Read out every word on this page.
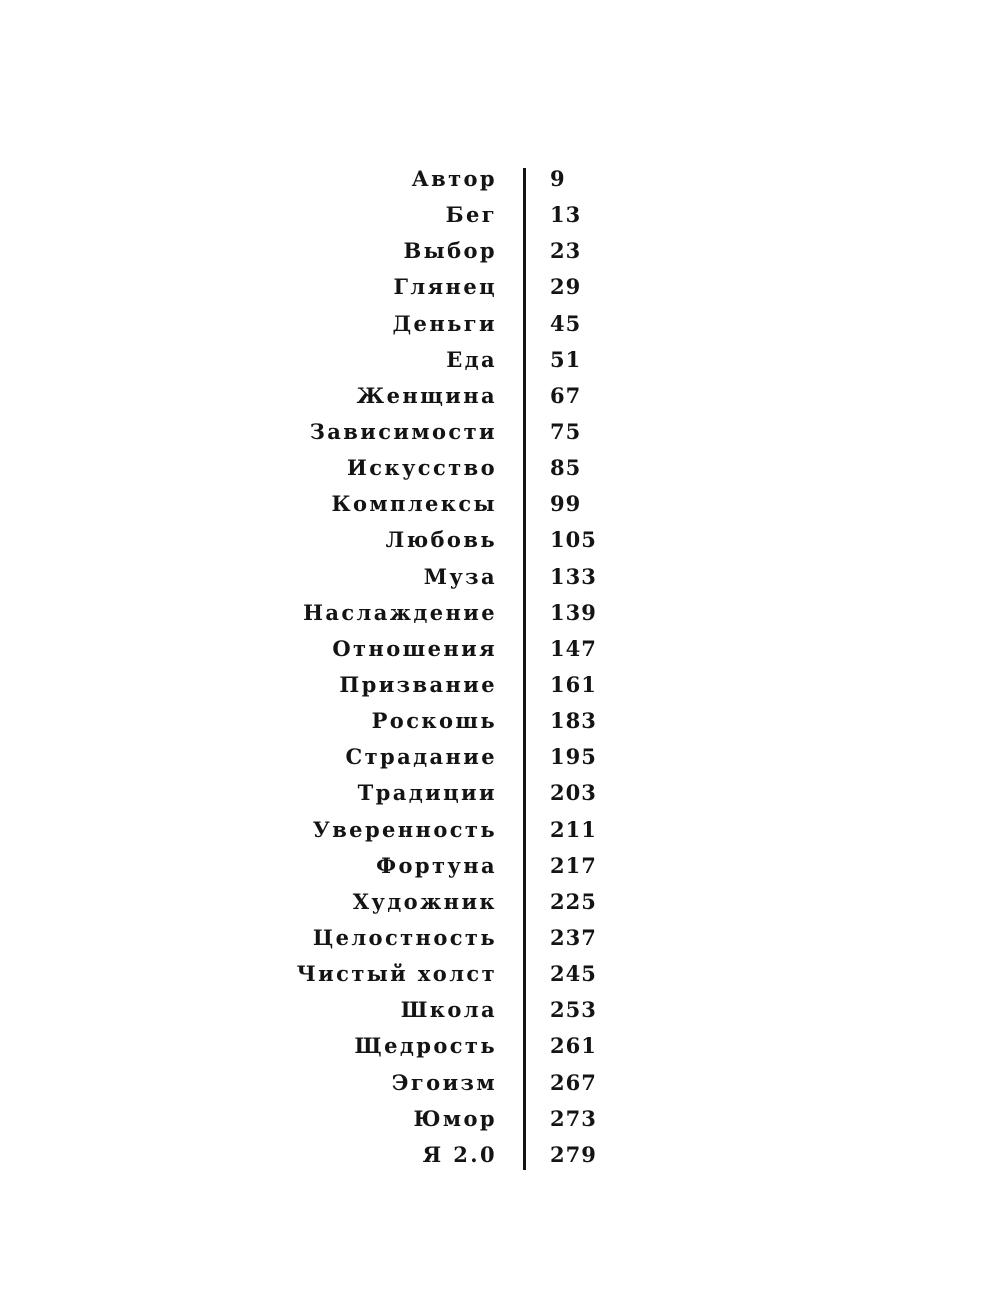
Автор	9
Бег	13
Выбор	23
Глянец	29
Деньги	45
Еда	51
Женщина	67
Зависимости	75
Искусство	85
Комплексы	99
Любовь	105
Муза	133
Наслаждение	139
Отношения	147
Призвание	161
Роскошь	183
Страдание	195
Традиции	203
Уверенность	211
Фортуна	217
Художник	225
Целостность	237
Чистый холст	245
Школа	253
Щедрость	261
Эгоизм	267
Юмор	273
Я 2.0	279
